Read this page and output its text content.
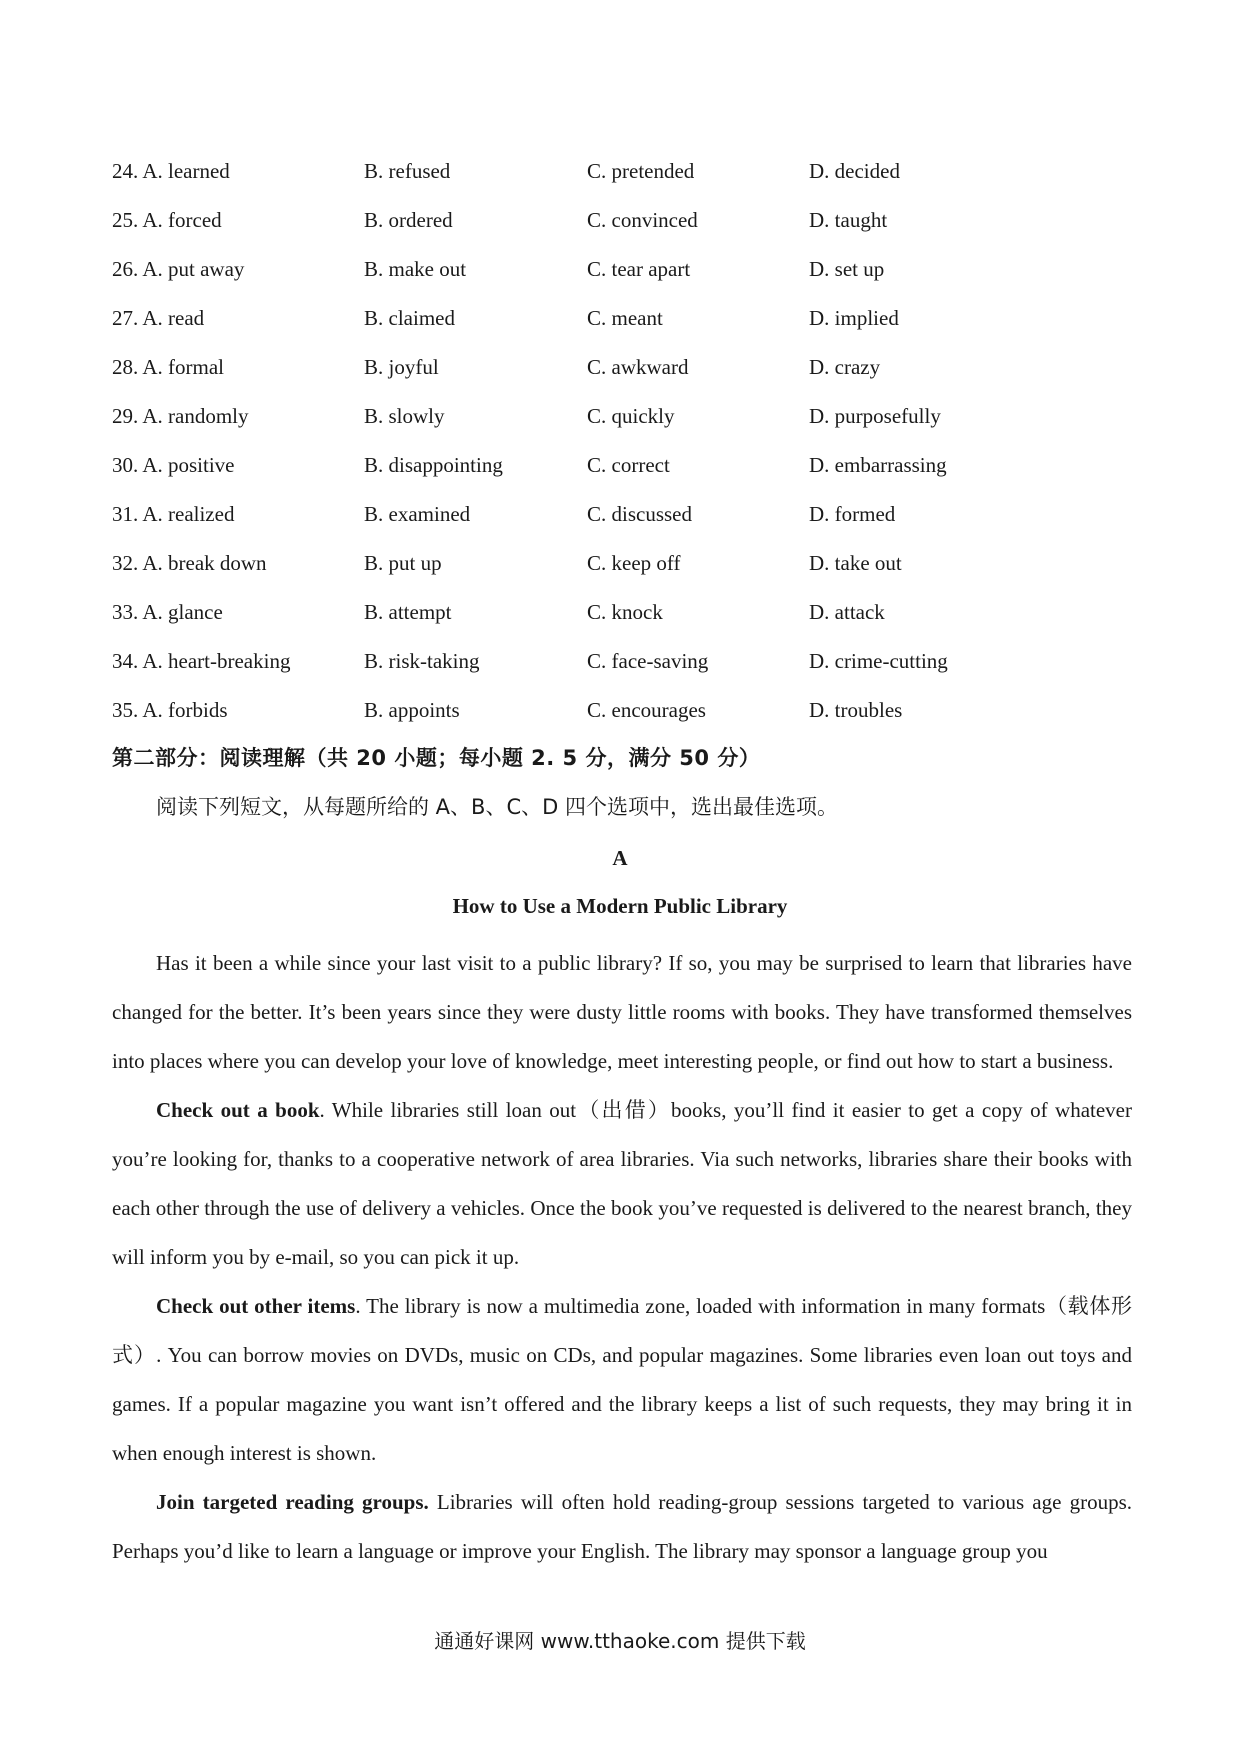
24. A. learned	B. refused	C. pretended	D. decided
25. A. forced	B. ordered	C. convinced	D. taught
26. A. put away	B. make out	C. tear apart	D. set up
27. A. read	B. claimed	C. meant	D. implied
28. A. formal	B. joyful	C. awkward	D. crazy
29. A. randomly	B. slowly	C. quickly	D. purposefully
30. A. positive	B. disappointing	C. correct	D. embarrassing
31. A. realized	B. examined	C. discussed	D. formed
32. A. break down	B. put up	C. keep off	D. take out
33. A. glance	B. attempt	C. knock	D. attack
34. A. heart-breaking	B. risk-taking	C. face-saving	D. crime-cutting
35. A. forbids	B. appoints	C. encourages	D. troubles
第二部分：阅读理解（共 20 小题；每小题 2. 5 分，满分 50 分）
阅读下列短文，从每题所给的 A、B、C、D 四个选项中，选出最佳选项。
A
How to Use a Modern Public Library

Has it been a while since your last visit to a public library? If so, you may be surprised to learn that libraries have changed for the better. It’s been years since they were dusty little rooms with books. They have transformed themselves into places where you can develop your love of knowledge, meet interesting people, or find out how to start a business.

Check out a book. While libraries still loan out（出借）books, you’ll find it easier to get a copy of whatever you’re looking for, thanks to a cooperative network of area libraries. Via such networks, libraries share their books with each other through the use of delivery a vehicles. Once the book you’ve requested is delivered to the nearest branch, they will inform you by e-mail, so you can pick it up.

Check out other items. The library is now a multimedia zone, loaded with information in many formats（载体形式）. You can borrow movies on DVDs, music on CDs, and popular magazines. Some libraries even loan out toys and games. If a popular magazine you want isn’t offered and the library keeps a list of such requests, they may bring it in when enough interest is shown.

Join targeted reading groups. Libraries will often hold reading-group sessions targeted to various age groups. Perhaps you’d like to learn a language or improve your English. The library may sponsor a language group you

通通好课网 www.tthaoke.com 提供下载
